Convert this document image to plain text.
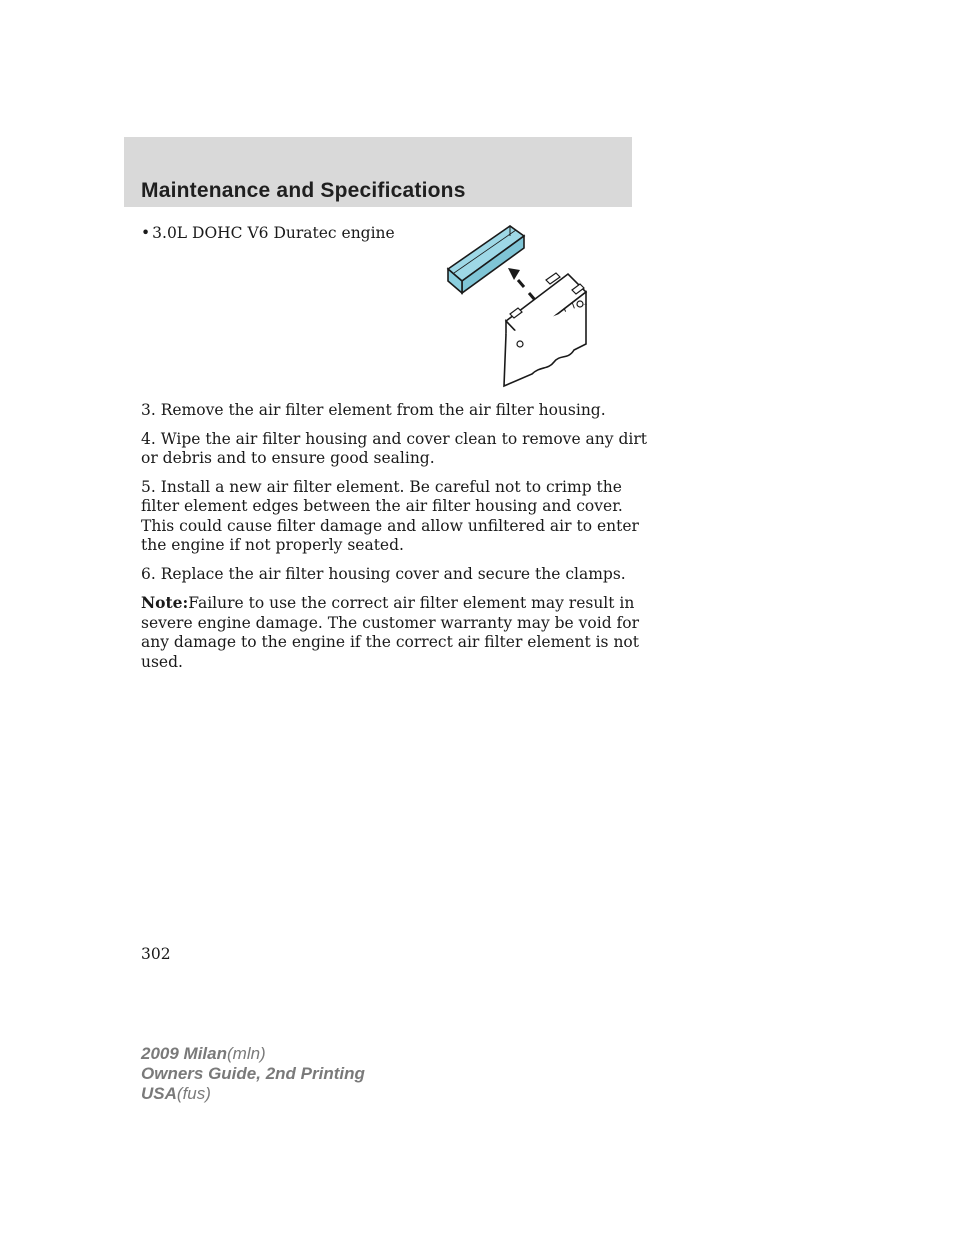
Maintenance and Specifications
• 3.0L DOHC V6 Duratec engine

3. Remove the air filter element from the air filter housing.

4. Wipe the air filter housing and cover clean to remove any dirt or debris and to ensure good sealing.

5. Install a new air filter element. Be careful not to crimp the filter element edges between the air filter housing and cover. This could cause filter damage and allow unfiltered air to enter the engine if not properly seated.

6. Replace the air filter housing cover and secure the clamps.

Note:Failure to use the correct air filter element may result in severe engine damage. The customer warranty may be void for any damage to the engine if the correct air filter element is not used.

302
2009 Milan(mln)
Owners Guide, 2nd Printing
USA(fus)
